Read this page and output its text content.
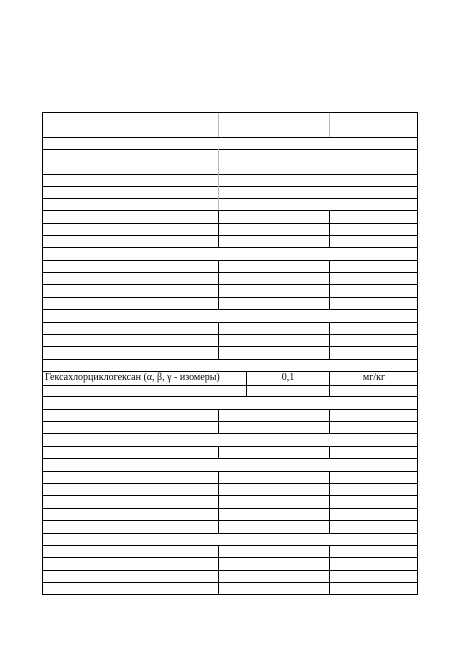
Гексахлорциклогексан (α, β, γ - изомеры)	0,1	мг/кг
